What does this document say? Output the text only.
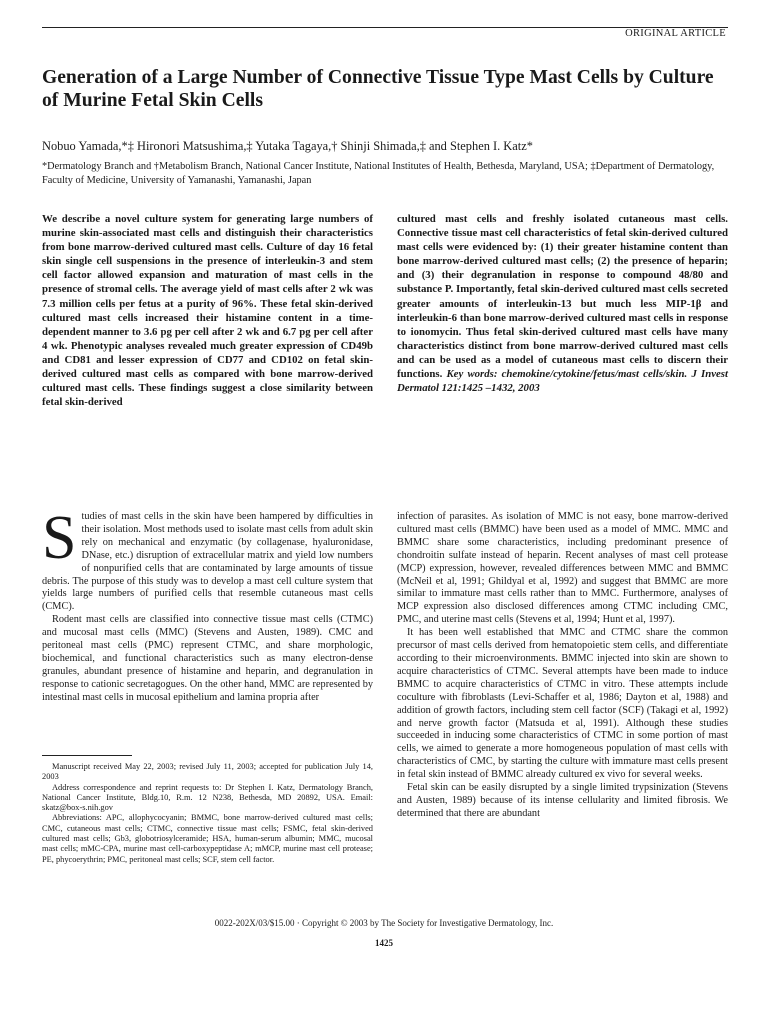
ORIGINAL ARTICLE
Generation of a Large Number of Connective Tissue Type Mast Cells by Culture of Murine Fetal Skin Cells
Nobuo Yamada,*‡ Hironori Matsushima,‡ Yutaka Tagaya,† Shinji Shimada,‡ and Stephen I. Katz*
*Dermatology Branch and †Metabolism Branch, National Cancer Institute, National Institutes of Health, Bethesda, Maryland, USA; ‡Department of Dermatology, Faculty of Medicine, University of Yamanashi, Yamanashi, Japan

We describe a novel culture system for generating large numbers of murine skin-associated mast cells and distinguish their characteristics from bone marrow-derived cultured mast cells. Culture of day 16 fetal skin single cell suspensions in the presence of interleukin-3 and stem cell factor allowed expansion and maturation of mast cells in the presence of stromal cells. The average yield of mast cells after 2 wk was 7.3 million cells per fetus at a purity of 96%. These fetal skin-derived cultured mast cells increased their histamine content in a time-dependent manner to 3.6 pg per cell after 2 wk and 6.7 pg per cell after 4 wk. Phenotypic analyses revealed much greater expression of CD49b and CD81 and lesser expression of CD77 and CD102 on fetal skin-derived cultured mast cells as compared with bone marrow-derived cultured mast cells. These findings suggest a close similarity between fetal skin-derived

cultured mast cells and freshly isolated cutaneous mast cells. Connective tissue mast cell characteristics of fetal skin-derived cultured mast cells were evidenced by: (1) their greater histamine content than bone marrow-derived cultured mast cells; (2) the presence of heparin; and (3) their degranulation in response to compound 48/80 and substance P. Importantly, fetal skin-derived cultured mast cells secreted greater amounts of interleukin-13 but much less MIP-1β and interleukin-6 than bone marrow-derived cultured mast cells in response to ionomycin. Thus fetal skin-derived cultured mast cells have many characteristics distinct from bone marrow-derived cultured mast cells and can be used as a model of cutaneous mast cells to discern their functions. Key words: chemokine/cytokine/fetus/mast cells/skin. J Invest Dermatol 121:1425 –1432, 2003

Studies of mast cells in the skin have been hampered by difficulties in their isolation. Most methods used to isolate mast cells from adult skin rely on mechanical and enzymatic (by collagenase, hyaluronidase, DNase, etc.) disruption of extracellular matrix and yield low numbers of nonpurified cells that are contaminated by large amounts of tissue debris. The purpose of this study was to develop a mast cell culture system that yields large numbers of purified cells that resemble cutaneous mast cells (CMC).

Rodent mast cells are classified into connective tissue mast cells (CTMC) and mucosal mast cells (MMC) (Stevens and Austen, 1989). CMC and peritoneal mast cells (PMC) represent CTMC, and share morphologic, biochemical, and functional characteristics such as many electron-dense granules, abundant presence of histamine and heparin, and degranulation in response to cationic secretagogues. On the other hand, MMC are represented by intestinal mast cells in mucosal epithelium and lamina propria after

Manuscript received May 22, 2003; revised July 11, 2003; accepted for publication July 14, 2003

Address correspondence and reprint requests to: Dr Stephen I. Katz, Dermatology Branch, National Cancer Institute, Bldg.10, R.m. 12 N238, Bethesda, MD 20892, USA. Email: skatz@box-s.nih.gov

Abbreviations: APC, allophycocyanin; BMMC, bone marrow-derived cultured mast cells; CMC, cutaneous mast cells; CTMC, connective tissue mast cells; FSMC, fetal skin-derived cultured mast cells; Gb3, globotriosylceramide; HSA, human-serum albumin; MMC, mucosal mast cells; mMC-CPA, murine mast cell-carboxypeptidase A; mMCP, murine mast cell protease; PE, phycoerythrin; PMC, peritoneal mast cells; SCF, stem cell factor.

infection of parasites. As isolation of MMC is not easy, bone marrow-derived cultured mast cells (BMMC) have been used as a model of MMC. MMC and BMMC share some characteristics, including predominant presence of chondroitin sulfate instead of heparin. Recent analyses of mast cell protease (MCP) expression, however, revealed differences between MMC and BMMC (McNeil et al, 1991; Ghildyal et al, 1992) and suggest that BMMC are more similar to immature mast cells rather than to MMC. Furthermore, analyses of MCP expression also disclosed differences among CTMC including CMC, PMC, and uterine mast cells (Stevens et al, 1994; Hunt et al, 1997).

It has been well established that MMC and CTMC share the common precursor of mast cells derived from hematopoietic stem cells, and differentiate according to their microenvironments. BMMC injected into skin are shown to acquire characteristics of CTMC. Several attempts have been made to induce BMMC to acquire characteristics of CTMC in vitro. These attempts include coculture with fibroblasts (Levi-Schaffer et al, 1986; Dayton et al, 1988) and addition of growth factors, including stem cell factor (SCF) (Takagi et al, 1992) and nerve growth factor (Matsuda et al, 1991). Although these studies succeeded in inducing some characteristics of CTMC in some portion of mast cells, we aimed to generate a more homogeneous population of mast cells with characteristics of CMC, by starting the culture with immature mast cells present in fetal skin instead of BMMC already cultured ex vivo for several weeks.

Fetal skin can be easily disrupted by a single limited trypsinization (Stevens and Austen, 1989) because of its intense cellularity and limited fibrosis. We determined that there are abundant

0022-202X/03/$15.00 · Copyright © 2003 by The Society for Investigative Dermatology, Inc.
1425
